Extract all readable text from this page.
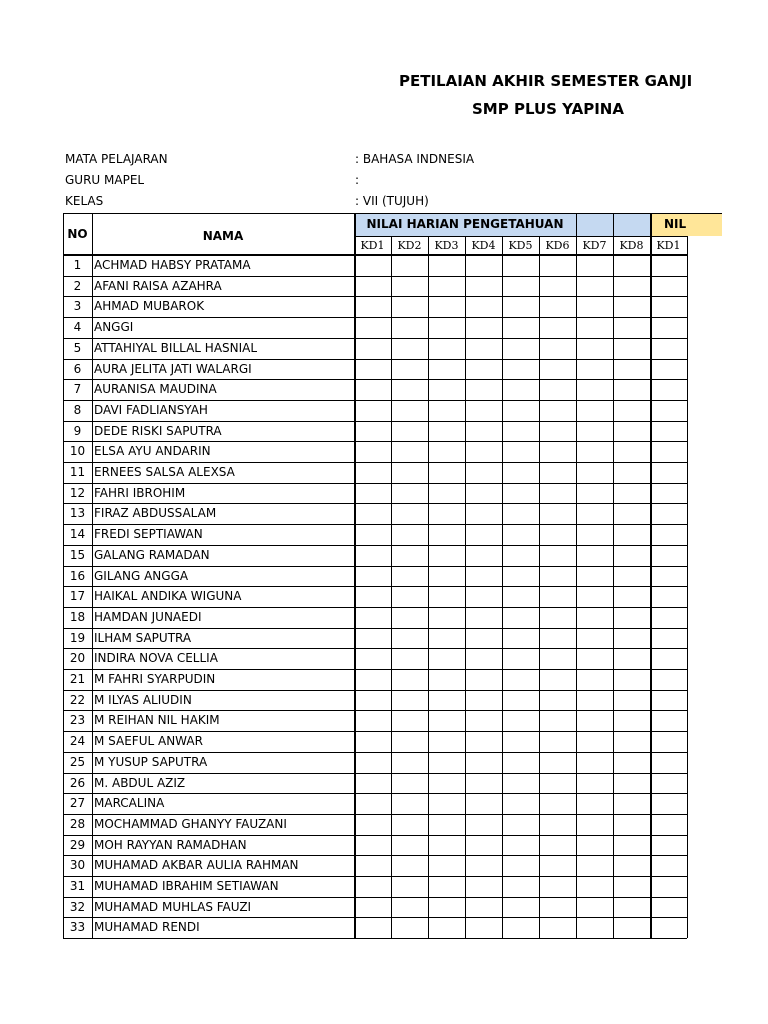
PETILAIAN AKHIR SEMESTER GANJI
SMP PLUS YAPINA
MATA PELAJARAN	: BAHASA INDNESIA
GURU MAPEL	:
KELAS	: VII (TUJUH)
NO	NAMA
NILAI HARIAN PENGETAHUAN	NIL
KD1	KD2	KD3	KD4	KD5	KD6	KD7	KD8	KD1
1	ACHMAD HABSY PRATAMA
2	AFANI RAISA AZAHRA
3	AHMAD MUBAROK
4	ANGGI
5	ATTAHIYAL BILLAL HASNIAL
6	AURA JELITA JATI WALARGI
7	AURANISA MAUDINA
8	DAVI FADLIANSYAH
9	DEDE RISKI SAPUTRA
10 ELSA AYU ANDARIN
11 ERNEES SALSA ALEXSA
12 FAHRI IBROHIM
13 FIRAZ ABDUSSALAM
14 FREDI SEPTIAWAN
15 GALANG RAMADAN
16 GILANG ANGGA
17 HAIKAL ANDIKA WIGUNA
18 HAMDAN JUNAEDI
19 ILHAM SAPUTRA
20 INDIRA NOVA CELLIA
21 M FAHRI SYARPUDIN
22 M ILYAS ALIUDIN
23 M REIHAN NIL HAKIM
24 M SAEFUL ANWAR
25 M YUSUP SAPUTRA
26 M. ABDUL AZIZ
27 MARCALINA
28 MOCHAMMAD GHANYY FAUZANI
29 MOH RAYYAN RAMADHAN
30 MUHAMAD AKBAR AULIA RAHMAN
31 MUHAMAD IBRAHIM SETIAWAN
32 MUHAMAD MUHLAS FAUZI
33 MUHAMAD RENDI
